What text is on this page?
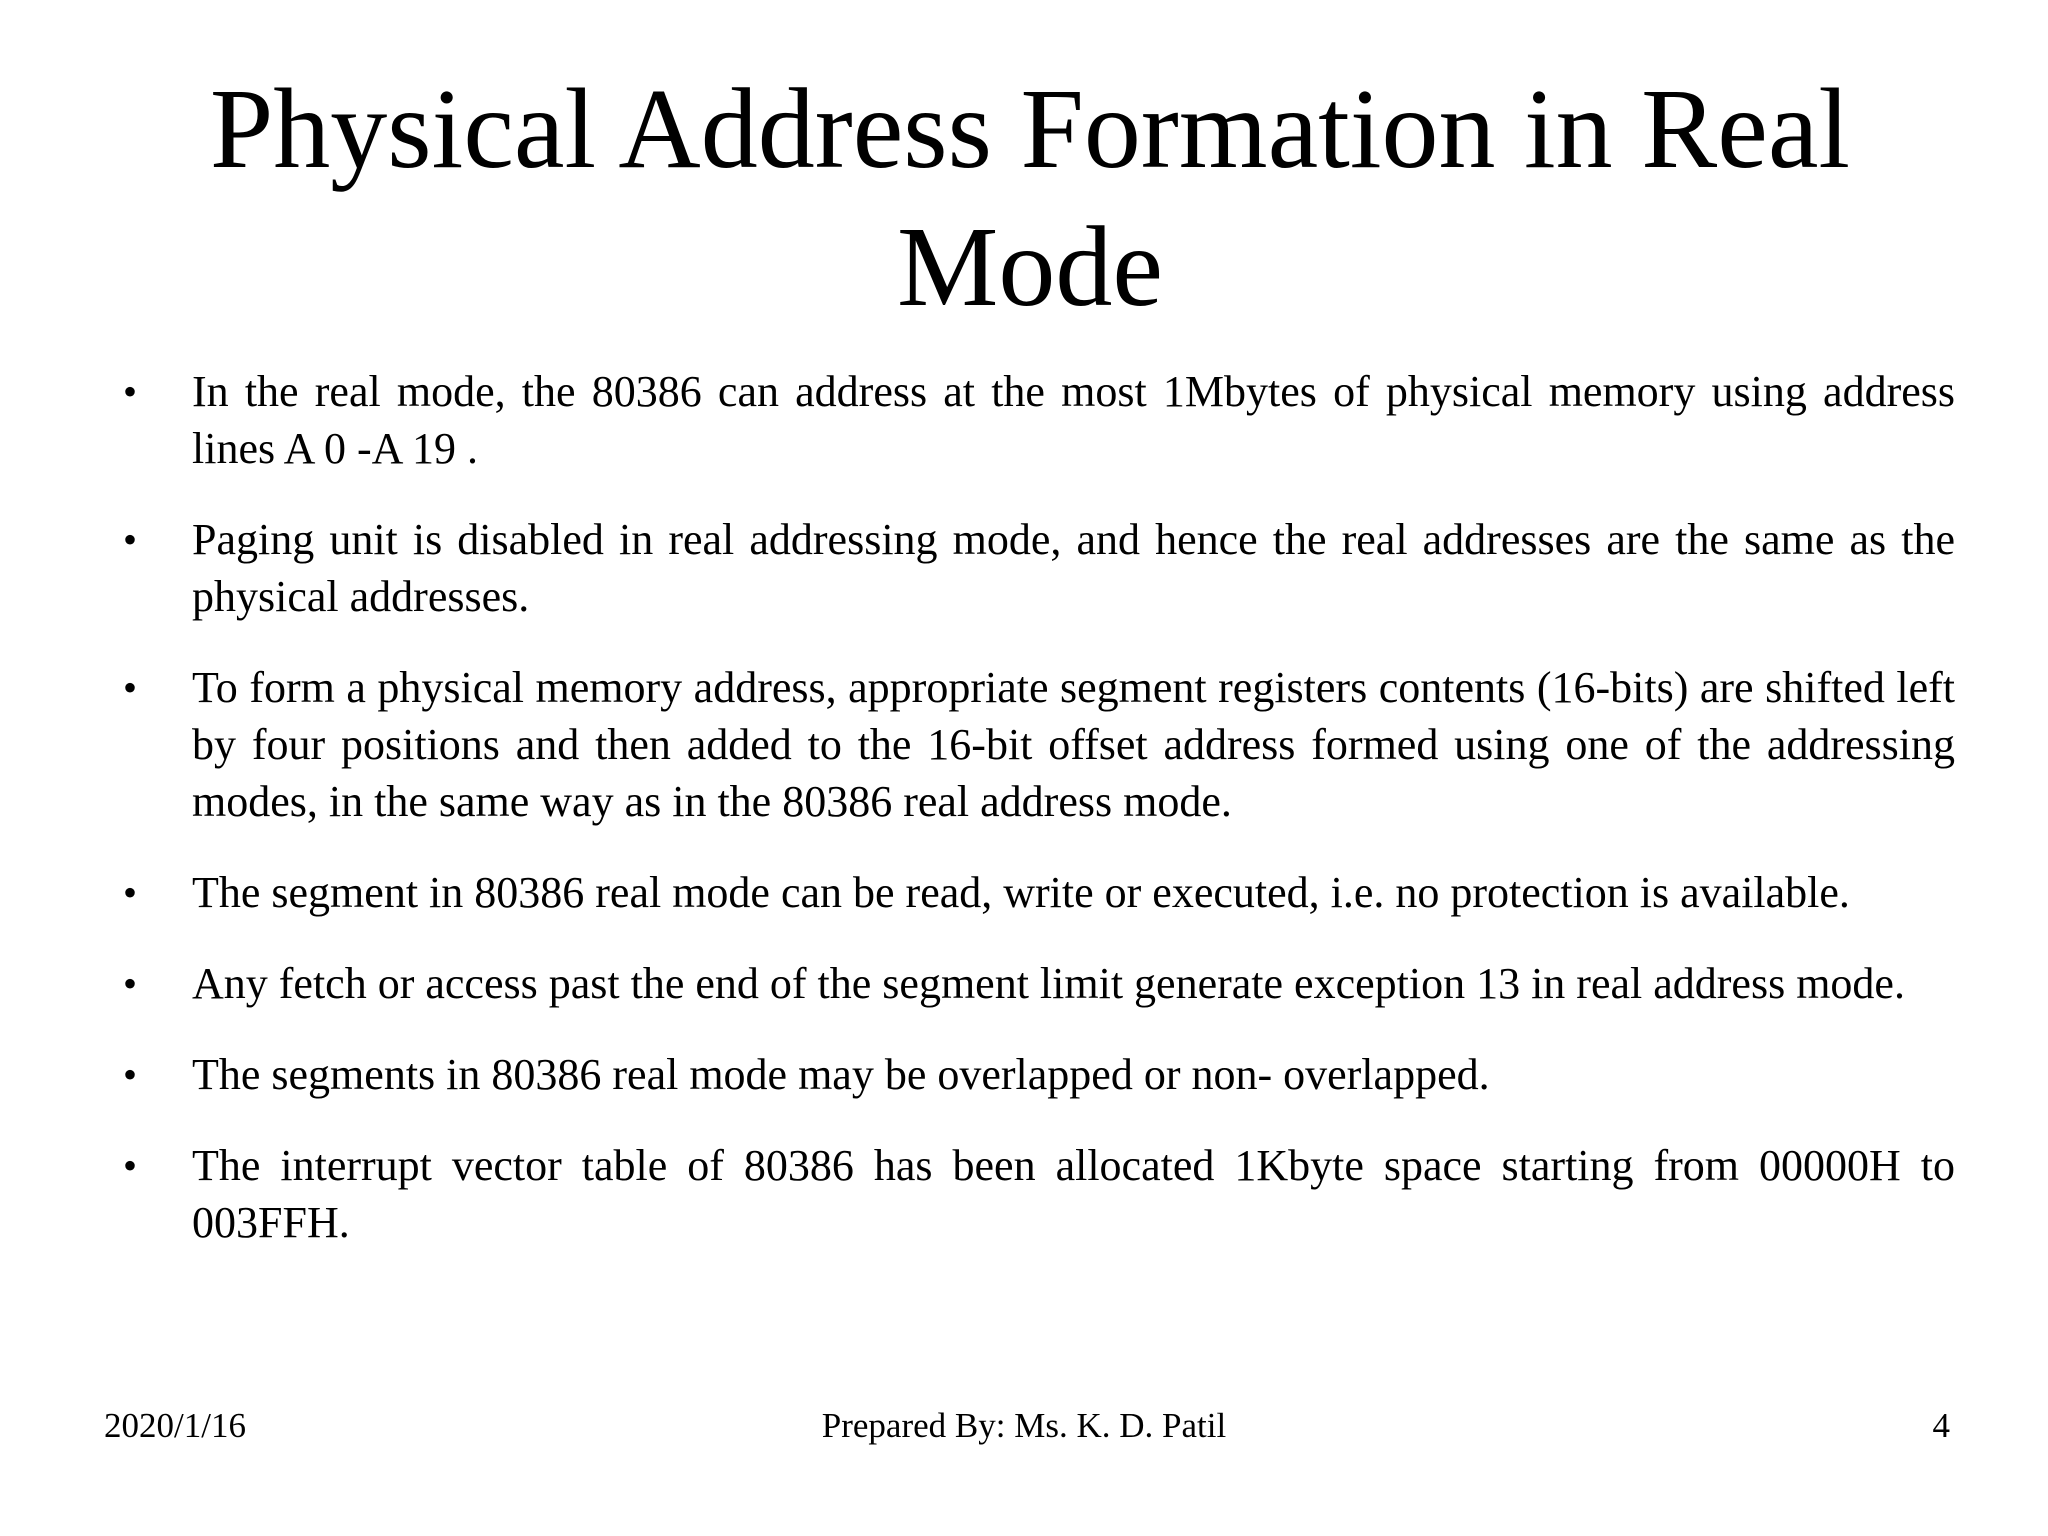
Physical Address Formation in Real Mode
•	In the real mode, the 80386 can address at the most 1Mbytes of physical memory using address lines A 0 -A 19 .
•	Paging unit is disabled in real addressing mode, and hence the real addresses are the same as the physical addresses.
•	To form a physical memory address, appropriate segment registers contents (16-bits) are shifted left by four positions and then added to the 16-bit offset address formed using one of the addressing modes, in the same way as in the 80386 real address mode.
•	The segment in 80386 real mode can be read, write or executed, i.e. no protection is available.
•	Any fetch or access past the end of the segment limit generate exception 13 in real address mode.
•	The segments in 80386 real mode may be overlapped or non- overlapped.
•	The interrupt vector table of 80386 has been allocated 1Kbyte space starting from 00000H to 003FFH.
2020/1/16	Prepared By: Ms. K. D. Patil	4
